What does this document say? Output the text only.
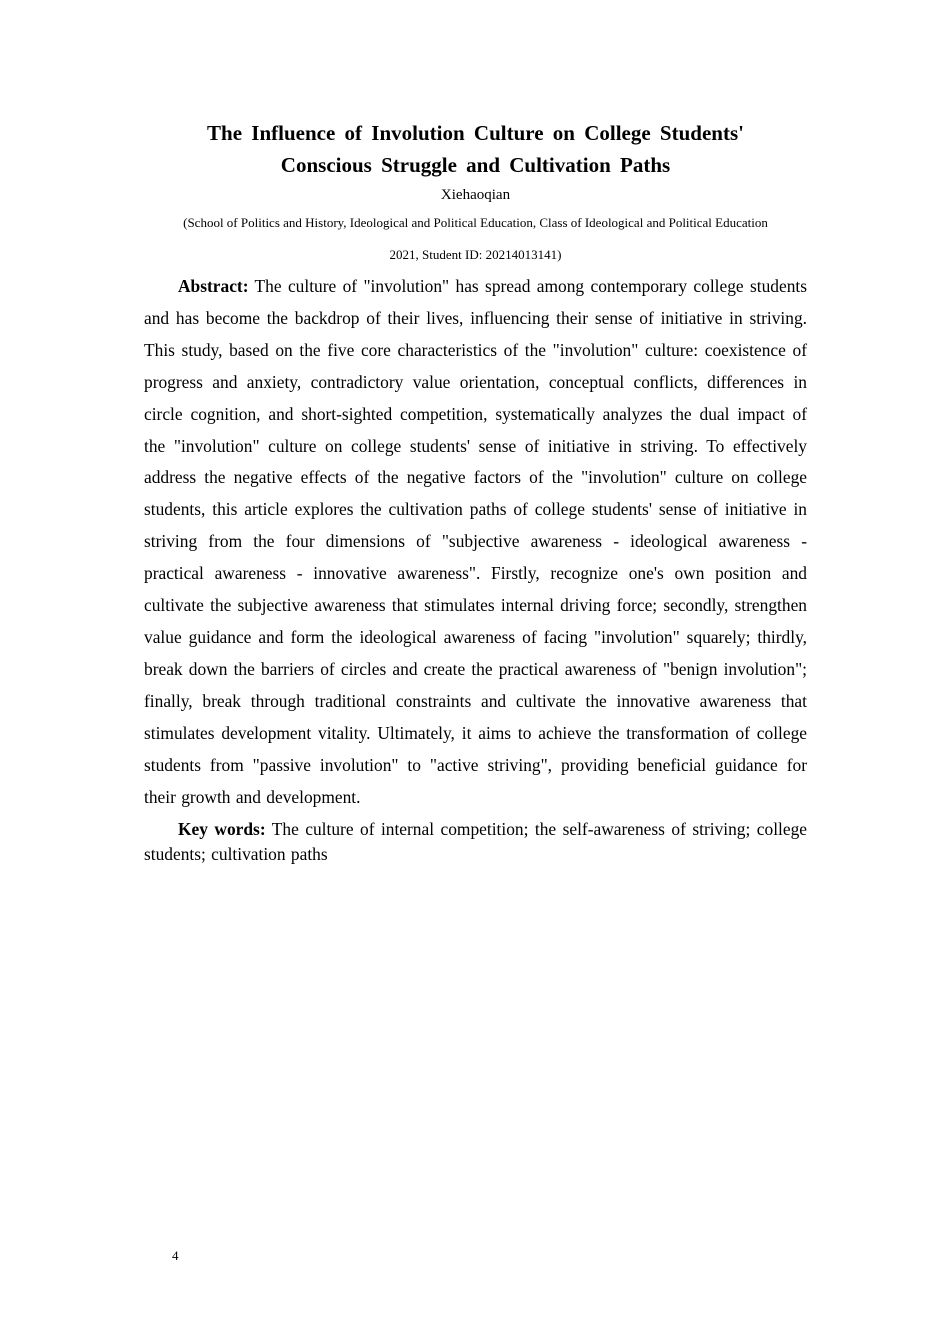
The Influence of Involution Culture on College Students'
Conscious Struggle and Cultivation Paths
Xiehaoqian
(School of Politics and History, Ideological and Political Education, Class of Ideological and Political Education
2021, Student ID: 20214013141)

Abstract: The culture of "involution" has spread among contemporary college students and has become the backdrop of their lives, influencing their sense of initiative in striving. This study, based on the five core characteristics of the "involution" culture: coexistence of progress and anxiety, contradictory value orientation, conceptual conflicts, differences in circle cognition, and short-sighted competition, systematically analyzes the dual impact of the "involution" culture on college students' sense of initiative in striving. To effectively address the negative effects of the negative factors of the "involution" culture on college students, this article explores the cultivation paths of college students' sense of initiative in striving from the four dimensions of "subjective awareness - ideological awareness - practical awareness - innovative awareness". Firstly, recognize one's own position and cultivate the subjective awareness that stimulates internal driving force; secondly, strengthen value guidance and form the ideological awareness of facing "involution" squarely; thirdly, break down the barriers of circles and create the practical awareness of "benign involution"; finally, break through traditional constraints and cultivate the innovative awareness that stimulates development vitality. Ultimately, it aims to achieve the transformation of college students from "passive involution" to "active striving", providing beneficial guidance for their growth and development.

Key words: The culture of internal competition; the self-awareness of striving; college students; cultivation paths

4
